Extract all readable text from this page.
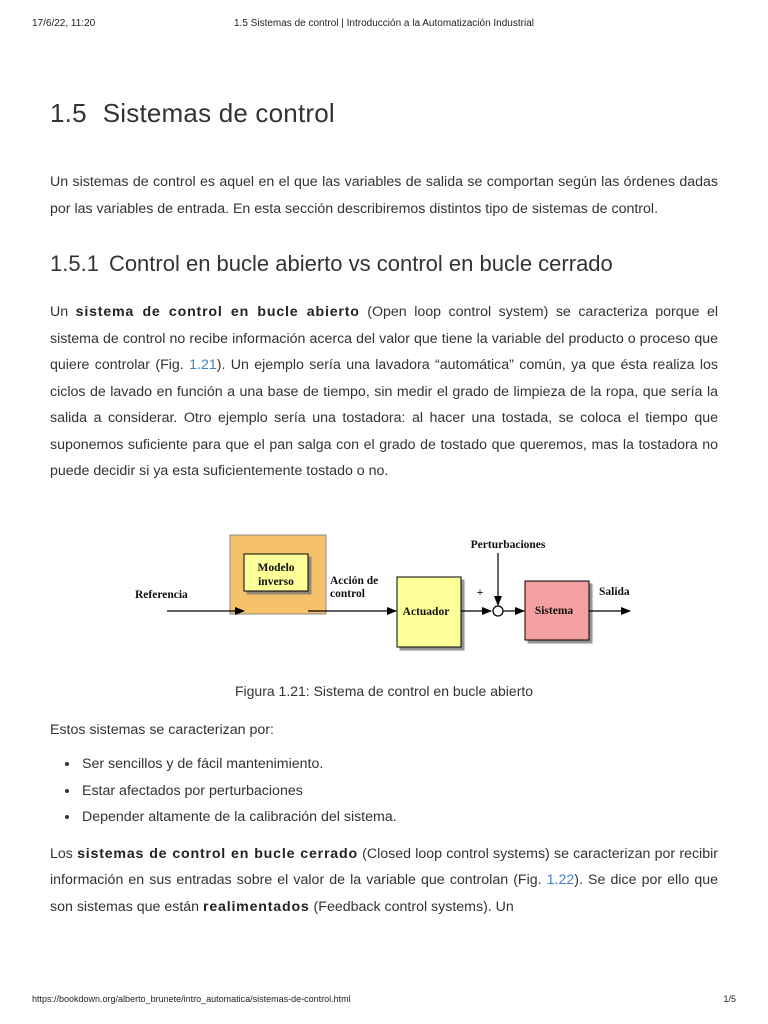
17/6/22, 11:20	1.5 Sistemas de control | Introducción a la Automatización Industrial
1.5 Sistemas de control

Un sistemas de control es aquel en el que las variables de salida se comportan según las órdenes dadas por las variables de entrada. En esta sección describiremos distintos tipo de sistemas de control.

1.5.1 Control en bucle abierto vs control en bucle cerrado

Un sistema de control en bucle abierto (Open loop control system) se caracteriza porque el sistema de control no recibe información acerca del valor que tiene la variable del producto o proceso que quiere controlar (Fig. 1.21). Un ejemplo sería una lavadora “automática” común, ya que ésta realiza los ciclos de lavado en función a una base de tiempo, sin medir el grado de limpieza de la ropa, que sería la salida a considerar. Otro ejemplo sería una tostadora: al hacer una tostada, se coloca el tiempo que suponemos suficiente para que el pan salga con el grado de tostado que queremos, mas la tostadora no puede decidir si ya esta suficientemente tostado o no.

Modelo
inverso
Referencia
Acción de
control
Actuador
+
Perturbaciones
Sistema
Salida
Figura 1.21: Sistema de control en bucle abierto

Estos sistemas se caracterizan por:

• Ser sencillos y de fácil mantenimiento.
• Estar afectados por perturbaciones
• Depender altamente de la calibración del sistema.

Los sistemas de control en bucle cerrado (Closed loop control systems) se caracterizan por recibir información en sus entradas sobre el valor de la variable que controlan (Fig. 1.22). Se dice por ello que son sistemas que están realimentados (Feedback control systems). Un

https://bookdown.org/alberto_brunete/intro_automatica/sistemas-de-control.html	1/5
